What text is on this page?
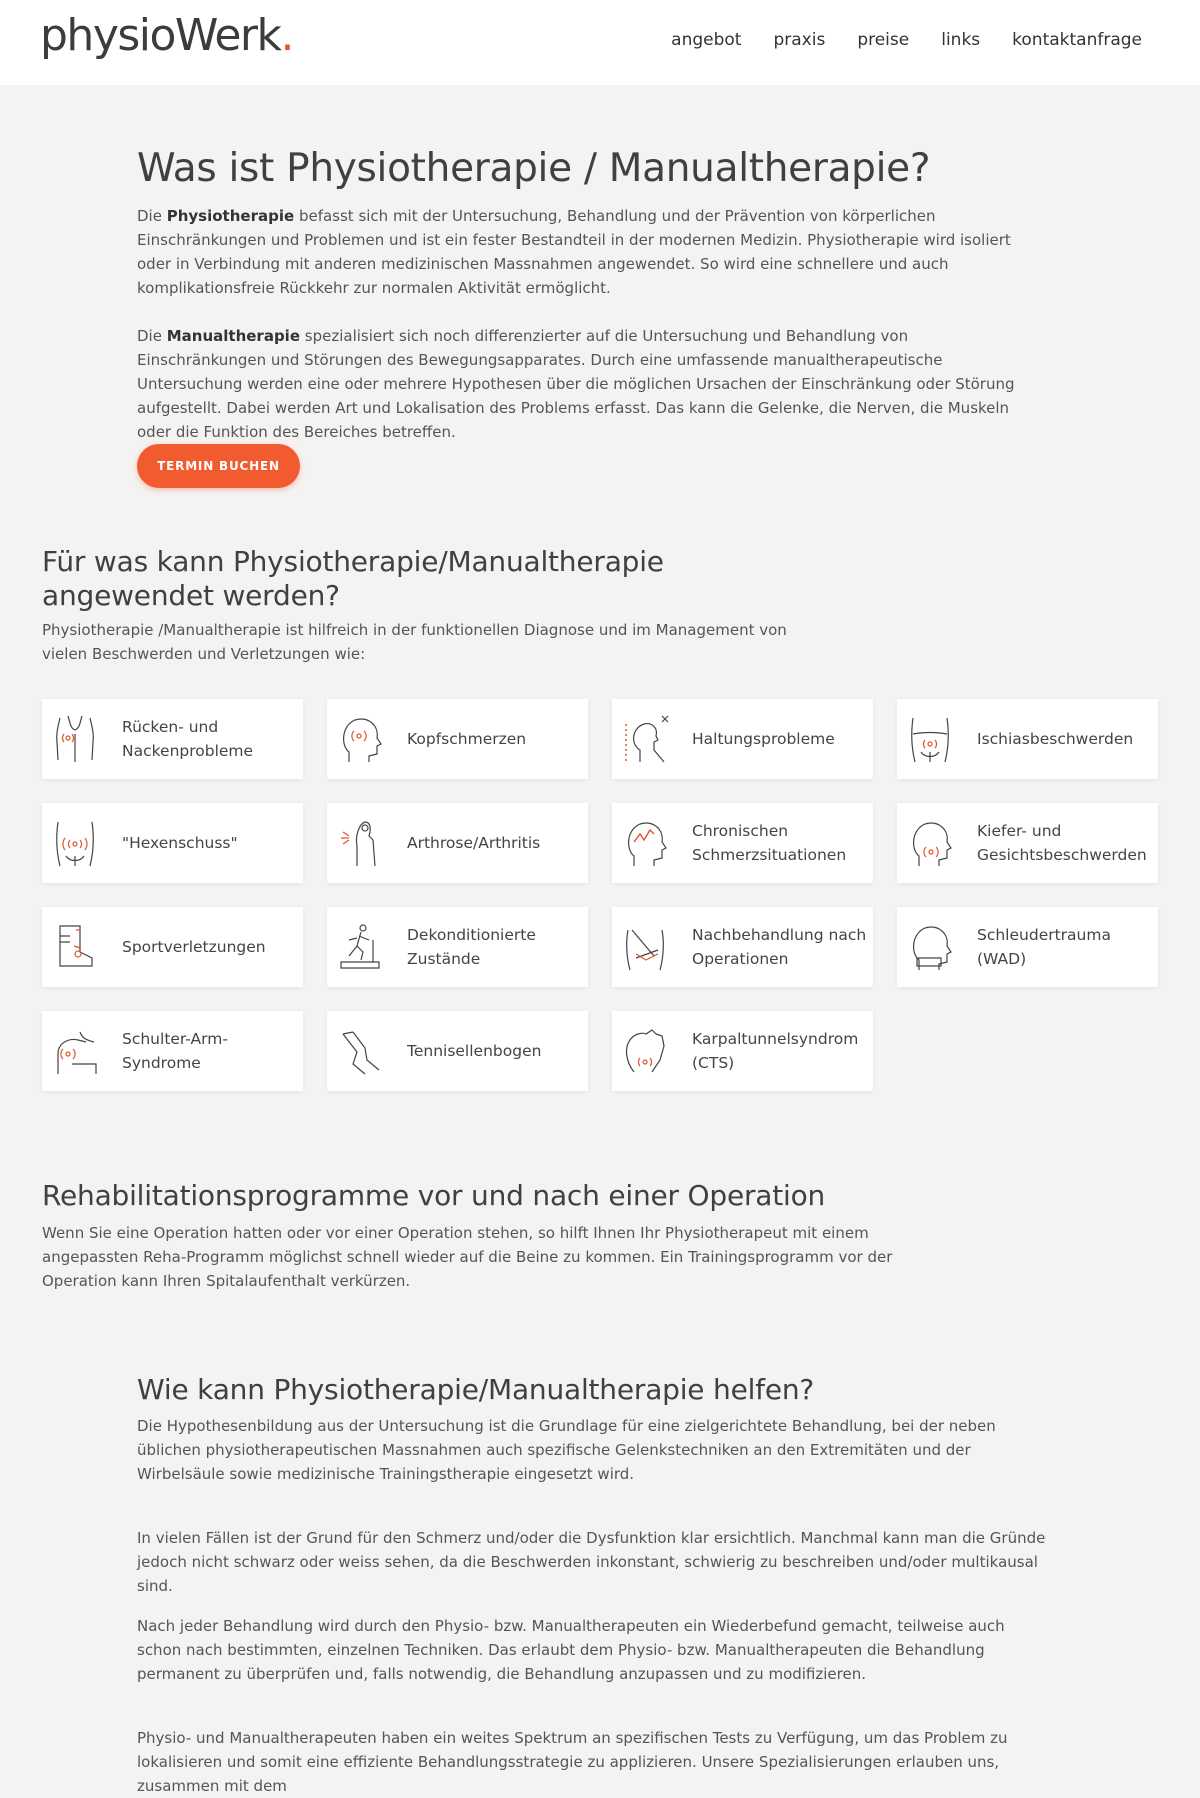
physioWerk.	angebot praxis preise links kontaktanfrage
Was ist Physiotherapie / Manualtherapie?

Die Physiotherapie befasst sich mit der Untersuchung, Behandlung und der Prävention von körperlichen Einschränkungen und Problemen und ist ein fester Bestandteil in der modernen Medizin. Physiotherapie wird isoliert oder in Verbindung mit anderen medizinischen Massnahmen angewendet. So wird eine schnellere und auch komplikationsfreie Rückkehr zur normalen Aktivität ermöglicht.

Die Manualtherapie spezialisiert sich noch differenzierter auf die Untersuchung und Behandlung von Einschränkungen und Störungen des Bewegungsapparates. Durch eine umfassende manualtherapeutische Untersuchung werden eine oder mehrere Hypothesen über die möglichen Ursachen der Einschränkung oder Störung aufgestellt. Dabei werden Art und Lokalisation des Problems erfasst. Das kann die Gelenke, die Nerven, die Muskeln oder die Funktion des Bereiches betreffen.

TERMIN BUCHEN
Für was kann Physiotherapie/Manualtherapie angewendet werden?

Physiotherapie /Manualtherapie ist hilfreich in der funktionellen Diagnose und im Management von vielen Beschwerden und Verletzungen wie:

Rücken- und Nackenprobleme
Kopfschmerzen	Haltungsprobleme	Ischiasbeschwerden
"Hexenschuss"	Arthrose/Arthritis
Chronischen Schmerzsituationen
Kiefer- und Gesichtsbeschwerden
Sportverletzungen
Dekonditionierte Zustände
Nachbehandlung nach Operationen
Schleudertrauma (WAD)
Schulter-Arm-Syndrome
Tennisellenbogen
Karpaltunnelsyndrom (CTS)
Rehabilitationsprogramme vor und nach einer Operation

Wenn Sie eine Operation hatten oder vor einer Operation stehen, so hilft Ihnen Ihr Physiotherapeut mit einem angepassten Reha-Programm möglichst schnell wieder auf die Beine zu kommen. Ein Trainingsprogramm vor der Operation kann Ihren Spitalaufenthalt verkürzen.

Wie kann Physiotherapie/Manualtherapie helfen?

Die Hypothesenbildung aus der Untersuchung ist die Grundlage für eine zielgerichtete Behandlung, bei der neben üblichen physiotherapeutischen Massnahmen auch spezifische Gelenkstechniken an den Extremitäten und der Wirbelsäule sowie medizinische Trainingstherapie eingesetzt wird.

In vielen Fällen ist der Grund für den Schmerz und/oder die Dysfunktion klar ersichtlich. Manchmal kann man die Gründe jedoch nicht schwarz oder weiss sehen, da die Beschwerden inkonstant, schwierig zu beschreiben und/oder multikausal sind.

Nach jeder Behandlung wird durch den Physio- bzw. Manualtherapeuten ein Wiederbefund gemacht, teilweise auch schon nach bestimmten, einzelnen Techniken. Das erlaubt dem Physio- bzw. Manualtherapeuten die Behandlung permanent zu überprüfen und, falls notwendig, die Behandlung anzupassen und zu modifizieren.

Physio- und Manualtherapeuten haben ein weites Spektrum an spezifischen Tests zu Verfügung, um das Problem zu lokalisieren und somit eine effiziente Behandlungsstrategie zu applizieren. Unsere Spezialisierungen erlauben uns, zusammen mit dem
